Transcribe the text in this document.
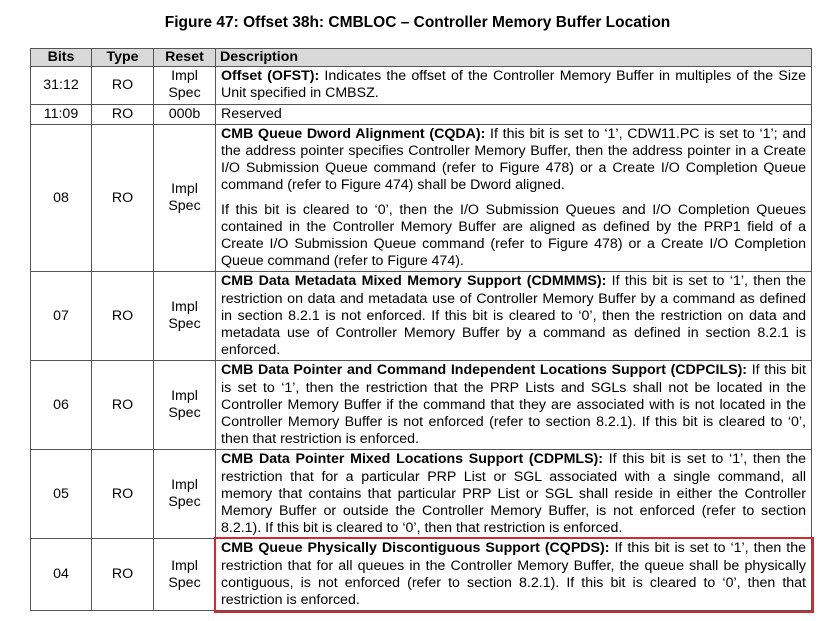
Figure 47: Offset 38h: CMBLOC – Controller Memory Buffer Location
Bits	Type	Reset	Description
31:12	RO	Impl Spec	Offset (OFST): Indicates the offset of the Controller Memory Buffer in multiples of the Size Unit specified in CMBSZ.

11:09	RO	000b	Reserved

08	RO	Impl Spec	CMB Queue Dword Alignment (CQDA): If this bit is set to ‘1’, CDW11.PC is set to ‘1’; and the address pointer specifies Controller Memory Buffer, then the address pointer in a Create I/O Submission Queue command (refer to Figure 478) or a Create I/O Completion Queue command (refer to Figure 474) shall be Dword aligned.

If this bit is cleared to ‘0’, then the I/O Submission Queues and I/O Completion Queues contained in the Controller Memory Buffer are aligned as defined by the PRP1 field of a Create I/O Submission Queue command (refer to Figure 478) or a Create I/O Completion Queue command (refer to Figure 474).

07	RO	Impl Spec	CMB Data Metadata Mixed Memory Support (CDMMMS): If this bit is set to ‘1’, then the restriction on data and metadata use of Controller Memory Buffer by a command as defined in section 8.2.1 is not enforced. If this bit is cleared to ‘0’, then the restriction on data and metadata use of Controller Memory Buffer by a command as defined in section 8.2.1 is enforced.

06	RO	Impl Spec	CMB Data Pointer and Command Independent Locations Support (CDPCILS): If this bit is set to ‘1’, then the restriction that the PRP Lists and SGLs shall not be located in the Controller Memory Buffer if the command that they are associated with is not located in the Controller Memory Buffer is not enforced (refer to section 8.2.1). If this bit is cleared to ‘0’, then that restriction is enforced.

05	RO	Impl Spec	CMB Data Pointer Mixed Locations Support (CDPMLS): If this bit is set to ‘1’, then the restriction that for a particular PRP List or SGL associated with a single command, all memory that contains that particular PRP List or SGL shall reside in either the Controller Memory Buffer or outside the Controller Memory Buffer, is not enforced (refer to section 8.2.1). If this bit is cleared to ‘0’, then that restriction is enforced.

04	RO	Impl Spec	CMB Queue Physically Discontiguous Support (CQPDS): If this bit is set to ‘1’, then the restriction that for all queues in the Controller Memory Buffer, the queue shall be physically contiguous, is not enforced (refer to section 8.2.1). If this bit is cleared to ‘0’, then that restriction is enforced.
